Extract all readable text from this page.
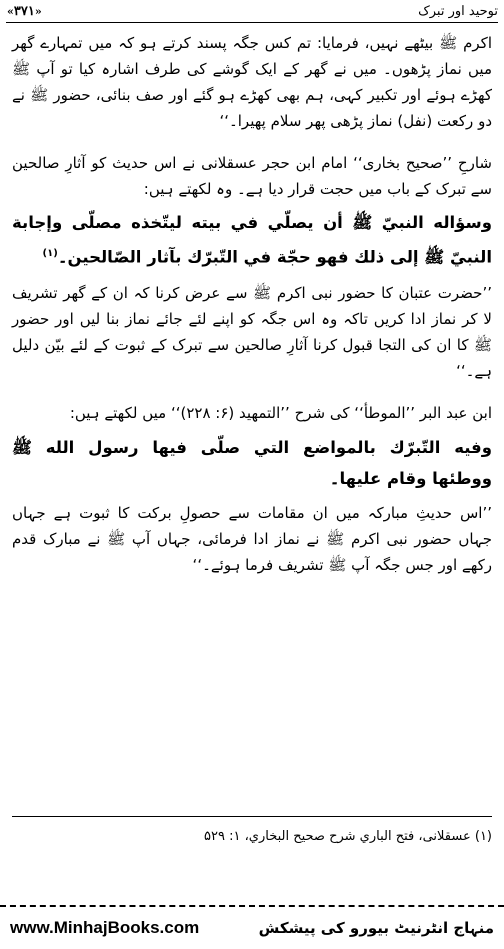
« ۳۷۱ »	توحید اور تبرک
اکرم ﷺ بیٹھے نہیں، فرمایا: تم کس جگہ پسند کرتے ہو کہ میں تمہارے گھر میں نماز پڑھوں۔ میں نے گھر کے ایک گوشے کی طرف اشارہ کیا تو آپ ﷺ کھڑے ہوئے اور تکبیر کہی، ہم بھی کھڑے ہو گئے اور صف بنائی، حضور ﷺ نے دو رکعت (نفل) نماز پڑھی پھر سلام پھیرا۔‘‘
شارحِ ’’صحیح بخاری‘‘ امام ابن حجر عسقلانی نے اس حدیث کو آثارِ صالحین سے تبرک کے باب میں حجت قرار دیا ہے۔ وہ لکھتے ہیں:
وسؤاله النبيّ ﷺ أن يصلّي في بيته ليتّخذه مصلّى وإجابة النبيّ ﷺ إلى ذلك فهو حجّة في التّبرّك بآثار الصّالحين۔$^{(۱)}$
’’حضرت عتبان کا حضور نبی اکرم ﷺ سے عرض کرنا کہ ان کے گھر تشریف لا کر نماز ادا کریں تاکہ وہ اس جگہ کو اپنے لئے جائے نماز بنا لیں اور حضور ﷺ کا ان کی التجا قبول کرنا آثارِ صالحین سے تبرک کے ثبوت کے لئے بیّن دلیل ہے۔‘‘
ابن عبد البر ’’الموطأ‘‘ کی شرح ’’التمهيد (۶: ۲۲۸)‘‘ میں لکھتے ہیں:
وفيه التّبرّك بالمواضع التي صلّى فيها رسول الله ﷺ ووطئها وقام عليها۔
’’اس حدیثِ مبارکہ میں ان مقامات سے حصولِ برکت کا ثبوت ہے جہاں جہاں حضور نبی اکرم ﷺ نے نماز ادا فرمائی، جہاں آپ ﷺ نے مبارک قدم رکھے اور جس جگہ آپ ﷺ تشریف فرما ہوئے۔‘‘
(۱) عسقلانی، فتح الباري شرح صحيح البخاري، ۱: ۵۲۹
www.MinhajBooks.com	منہاج انٹرنیٹ بیورو کی پیشکش
